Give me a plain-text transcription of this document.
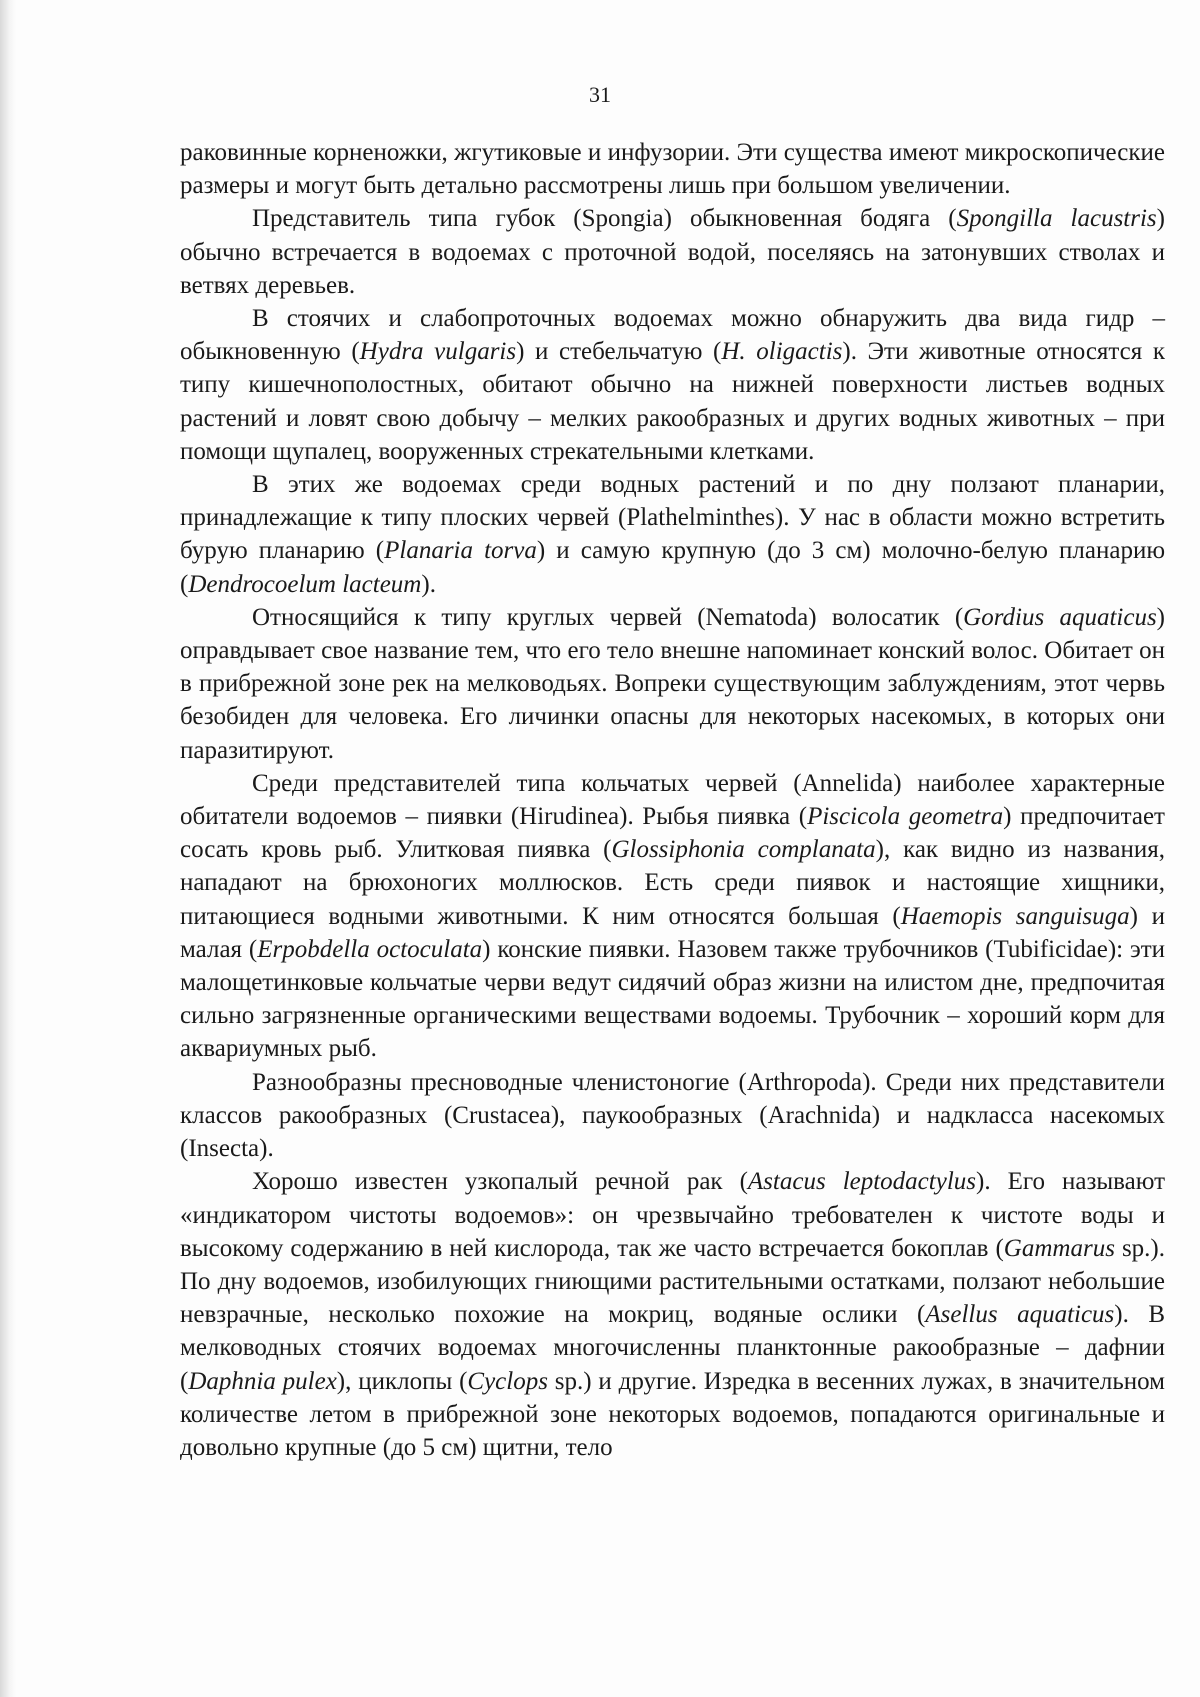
31

раковинные корненожки, жгутиковые и инфузории. Эти существа имеют микроскопические размеры и могут быть детально рассмотрены лишь при большом увеличении.

Представитель типа губок (Spongia) обыкновенная бодяга (Spongilla lacustris) обычно встречается в водоемах с проточной водой, поселяясь на затонувших стволах и ветвях деревьев.

В стоячих и слабопроточных водоемах можно обнаружить два вида гидр – обыкновенную (Hydra vulgaris) и стебельчатую (H. oligactis). Эти животные относятся к типу кишечнополостных, обитают обычно на нижней поверхности листьев водных растений и ловят свою добычу – мелких ракообразных и других водных животных – при помощи щупалец, вооруженных стрекательными клетками.

В этих же водоемах среди водных растений и по дну ползают планарии, принадлежащие к типу плоских червей (Plathelminthes). У нас в области можно встретить бурую планарию (Planaria torva) и самую крупную (до 3 см) молочно-белую планарию (Dendrocoelum lacteum).

Относящийся к типу круглых червей (Nematoda) волосатик (Gordius aquaticus) оправдывает свое название тем, что его тело внешне напоминает конский волос. Обитает он в прибрежной зоне рек на мелководьях. Вопреки существующим заблуждениям, этот червь безобиден для человека. Его личинки опасны для некоторых насекомых, в которых они паразитируют.

Среди представителей типа кольчатых червей (Annelida) наиболее характерные обитатели водоемов – пиявки (Hirudinea). Рыбья пиявка (Piscicola geometra) предпочитает сосать кровь рыб. Улитковая пиявка (Glossiphonia complanata), как видно из названия, нападают на брюхоногих моллюсков. Есть среди пиявок и настоящие хищники, питающиеся водными животными. К ним относятся большая (Haemopis sanguisuga) и малая (Erpobdella octoculata) конские пиявки. Назовем также трубочников (Tubificidae): эти малощетинковые кольчатые черви ведут сидячий образ жизни на илистом дне, предпочитая сильно загрязненные органическими веществами водоемы. Трубочник – хороший корм для аквариумных рыб.

Разнообразны пресноводные членистоногие (Arthropoda). Среди них представители классов ракообразных (Crustacea), паукообразных (Arachnida) и надкласса насекомых (Insecta).

Хорошо известен узкопалый речной рак (Astacus leptodactylus). Его называют «индикатором чистоты водоемов»: он чрезвычайно требователен к чистоте воды и высокому содержанию в ней кислорода, так же часто встречается бокоплав (Gammarus sp.). По дну водоемов, изобилующих гниющими растительными остатками, ползают небольшие невзрачные, несколько похожие на мокриц, водяные ослики (Asellus aquaticus). В мелководных стоячих водоемах многочисленны планктонные ракообразные – дафнии (Daphnia pulex), циклопы (Cyclops sp.) и другие. Изредка в весенних лужах, в значительном количестве летом в прибрежной зоне некоторых водоемов, попадаются оригинальные и довольно крупные (до 5 см) щитни, тело
